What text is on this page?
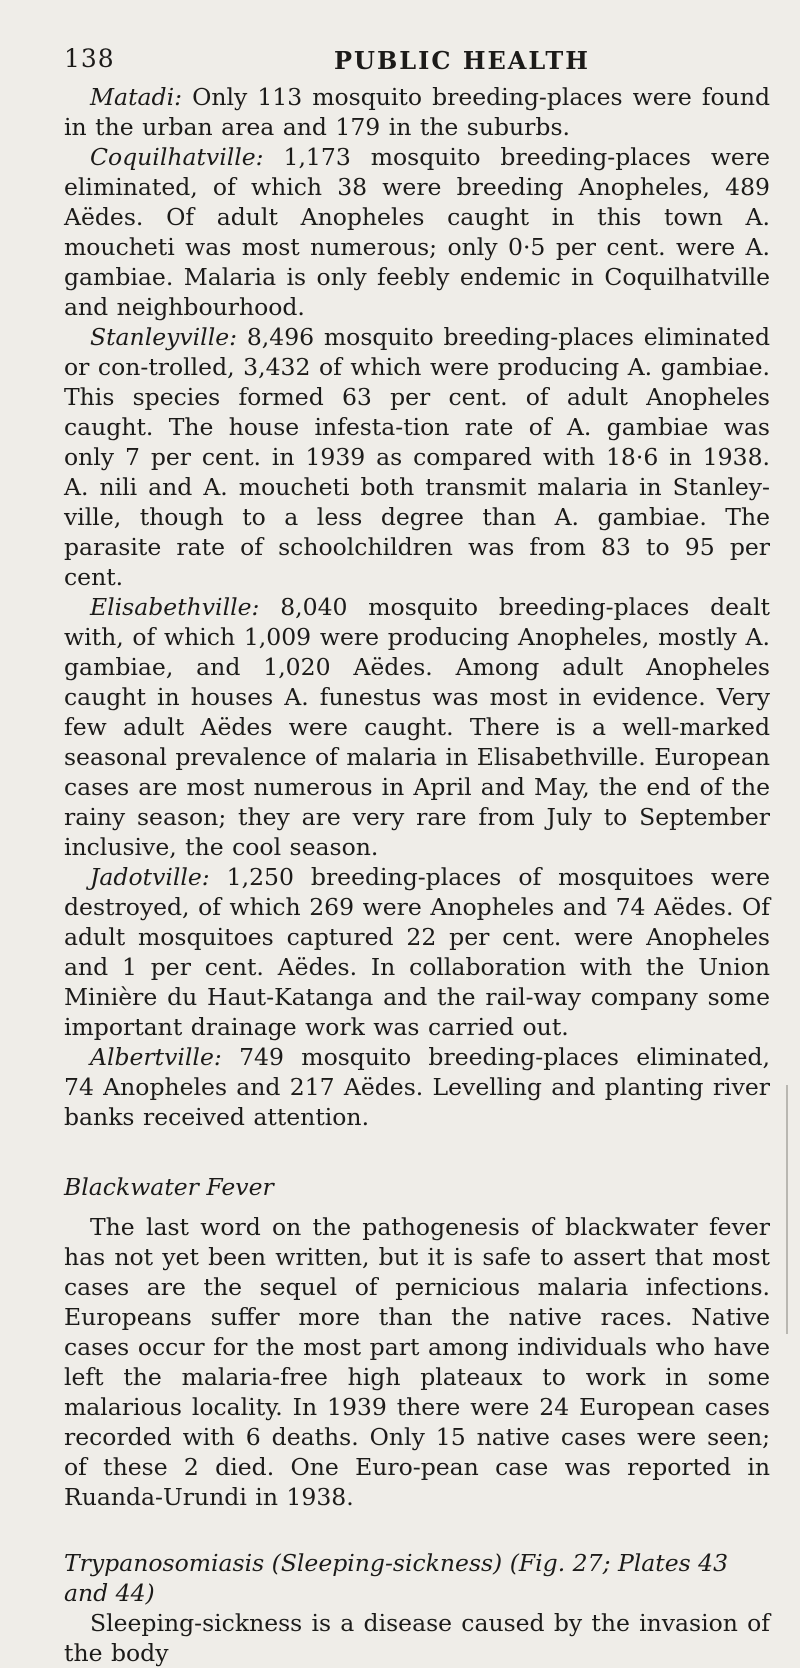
138	PUBLIC HEALTH

Matadi: Only 113 mosquito breeding-places were found in the urban area and 179 in the suburbs.

Coquilhatville: 1,173 mosquito breeding-places were eliminated, of which 38 were breeding Anopheles, 489 Aëdes. Of adult Anopheles caught in this town A. moucheti was most numerous; only 0·5 per cent. were A. gambiae. Malaria is only feebly endemic in Coquilhatville and neighbourhood.

Stanleyville: 8,496 mosquito breeding-places eliminated or con-trolled, 3,432 of which were producing A. gambiae. This species formed 63 per cent. of adult Anopheles caught. The house infesta-tion rate of A. gambiae was only 7 per cent. in 1939 as compared with 18·6 in 1938. A. nili and A. moucheti both transmit malaria in Stanley-ville, though to a less degree than A. gambiae. The parasite rate of schoolchildren was from 83 to 95 per cent.

Elisabethville: 8,040 mosquito breeding-places dealt with, of which 1,009 were producing Anopheles, mostly A. gambiae, and 1,020 Aëdes. Among adult Anopheles caught in houses A. funestus was most in evidence. Very few adult Aëdes were caught. There is a well-marked seasonal prevalence of malaria in Elisabethville. European cases are most numerous in April and May, the end of the rainy season; they are very rare from July to September inclusive, the cool season.

Jadotville: 1,250 breeding-places of mosquitoes were destroyed, of which 269 were Anopheles and 74 Aëdes. Of adult mosquitoes captured 22 per cent. were Anopheles and 1 per cent. Aëdes. In collaboration with the Union Minière du Haut-Katanga and the rail-way company some important drainage work was carried out.

Albertville: 749 mosquito breeding-places eliminated, 74 Anopheles and 217 Aëdes. Levelling and planting river banks received attention.

Blackwater Fever

The last word on the pathogenesis of blackwater fever has not yet been written, but it is safe to assert that most cases are the sequel of pernicious malaria infections. Europeans suffer more than the native races. Native cases occur for the most part among individuals who have left the malaria-free high plateaux to work in some malarious locality. In 1939 there were 24 European cases recorded with 6 deaths. Only 15 native cases were seen; of these 2 died. One Euro-pean case was reported in Ruanda-Urundi in 1938.

Trypanosomiasis (Sleeping-sickness) (Fig. 27; Plates 43 and 44)

Sleeping-sickness is a disease caused by the invasion of the body
